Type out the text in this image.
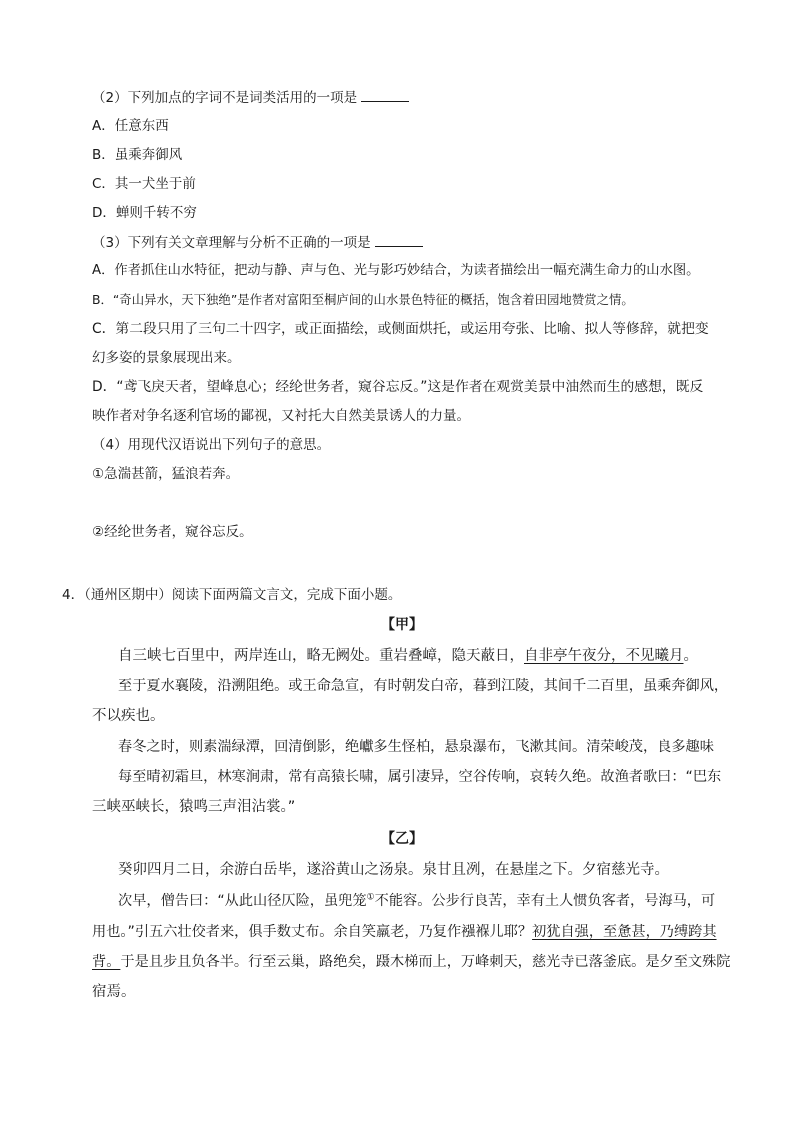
（2）下列加点的字词不是词类活用的一项是
A．任意东西
B．虽乘奔御风
C．其一犬坐于前
D．蝉则千转不穷
（3）下列有关文章理解与分析不正确的一项是
A．作者抓住山水特征，把动与静、声与色、光与影巧妙结合，为读者描绘出一幅充满生命力的山水图。
B．“奇山异水，天下独绝”是作者对富阳至桐庐间的山水景色特征的概括，饱含着田园地赞赏之情。
C．第二段只用了三句二十四字，或正面描绘，或侧面烘托，或运用夸张、比喻、拟人等修辞，就把变
幻多姿的景象展现出来。
D．“鸢飞戾天者，望峰息心；经纶世务者，窥谷忘反。”这是作者在观赏美景中油然而生的感想，既反
映作者对争名逐利官场的鄙视，又衬托大自然美景诱人的力量。
（4）用现代汉语说出下列句子的意思。
①急湍甚箭，猛浪若奔。
②经纶世务者，窥谷忘反。
4．（通州区期中）阅读下面两篇文言文，完成下面小题。
【甲】
自三峡七百里中，两岸连山，略无阙处。重岩叠嶂，隐天蔽日，自非亭午夜分，不见曦月。
至于夏水襄陵，沿溯阻绝。或王命急宣，有时朝发白帝，暮到江陵，其间千二百里，虽乘奔御风，
不以疾也。
春冬之时，则素湍绿潭，回清倒影，绝巘多生怪柏，悬泉瀑布，飞漱其间。清荣峻茂，良多趣味
每至晴初霜旦，林寒涧肃，常有高猿长啸，属引凄异，空谷传响，哀转久绝。故渔者歌曰：“巴东
三峡巫峡长，猿鸣三声泪沾裳。”
【乙】
癸卯四月二日，余游白岳毕，遂浴黄山之汤泉。泉甘且冽，在悬崖之下。夕宿慈光寺。
次早，僧告曰：“从此山径仄险，虽兜笼①不能容。公步行良苦，幸有土人惯负客者，号海马，可
用也。”引五六壮佼者来，俱手数丈布。余自笑羸老，乃复作襁褓儿耶？初犹自强，至惫甚，乃缚跨其
背。于是且步且负各半。行至云巢，路绝矣，蹑木梯而上，万峰刺天，慈光寺已落釜底。是夕至文殊院
宿焉。
